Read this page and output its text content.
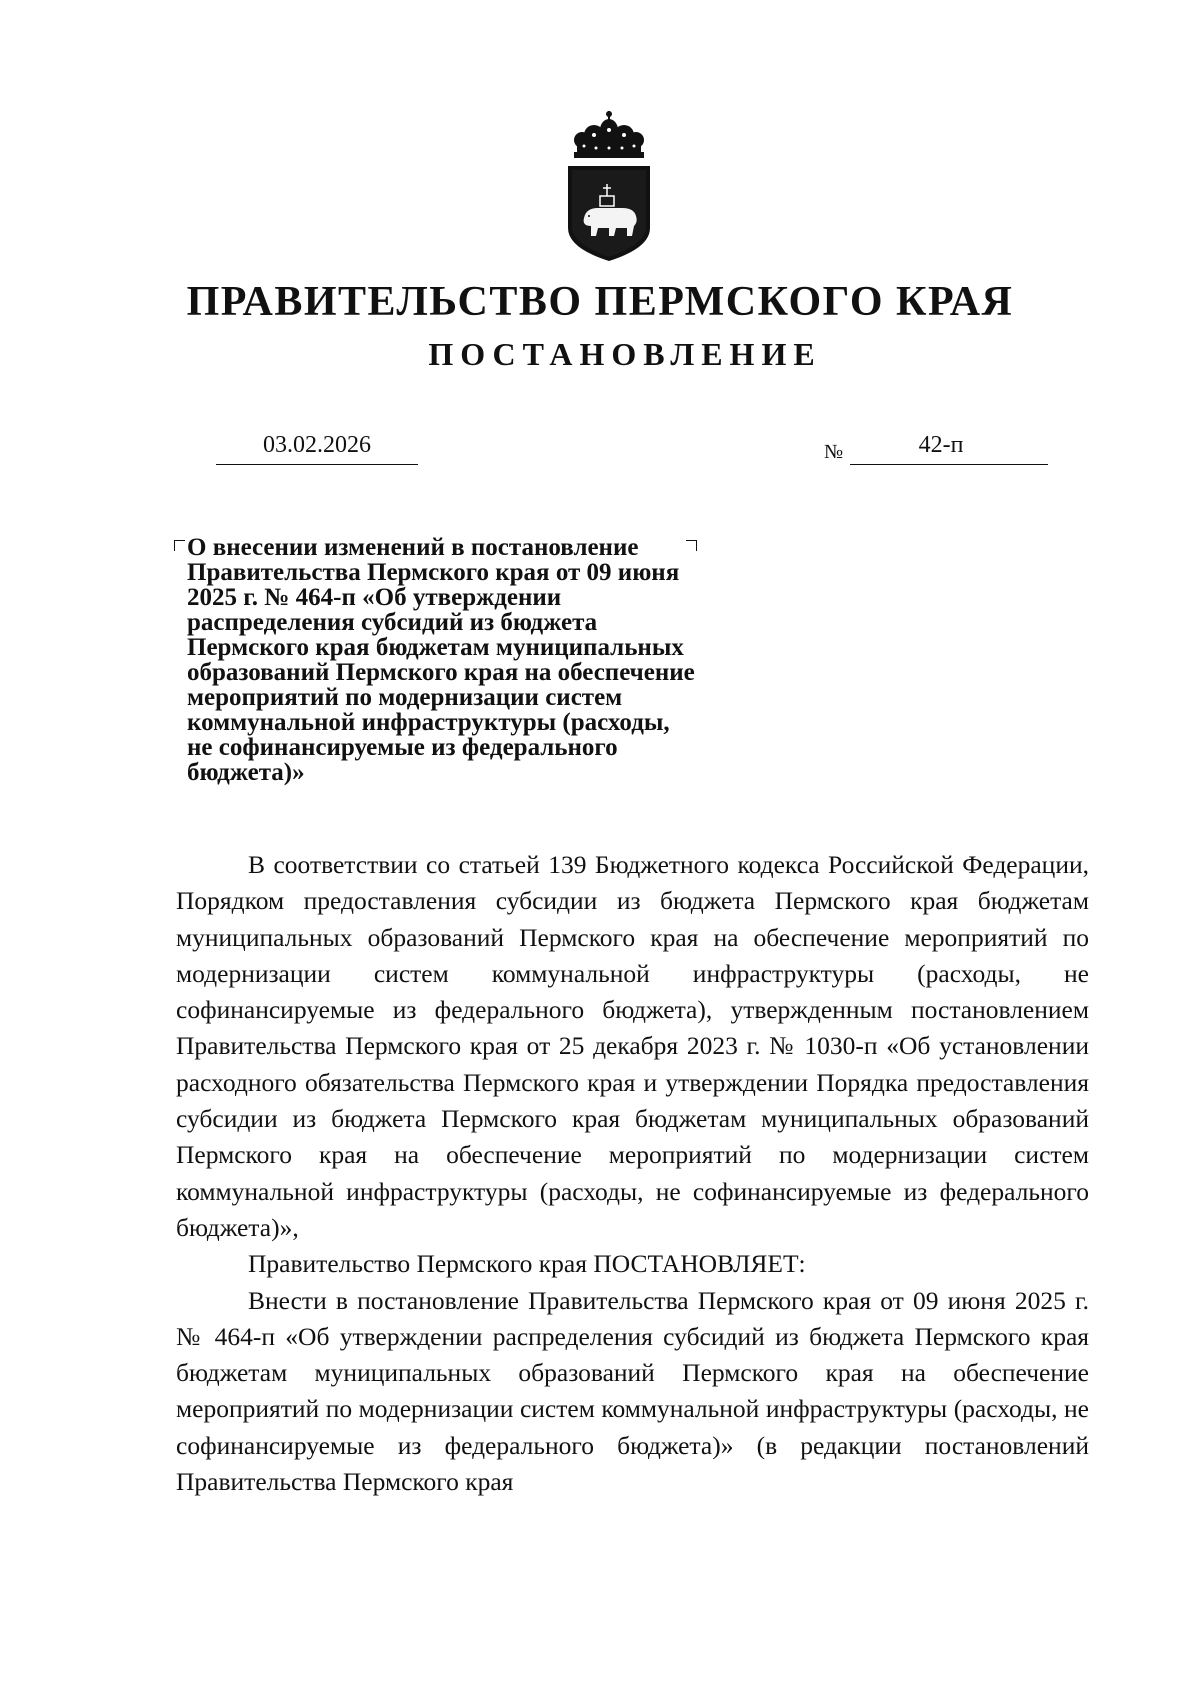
ПРАВИТЕЛЬСТВО ПЕРМСКОГО КРАЯ
ПОСТАНОВЛЕНИЕ
03.02.2026	№	42-п
О внесении изменений в постановление
Правительства Пермского края от 09 июня
2025 г. № 464-п «Об утверждении
распределения субсидий из бюджета
Пермского края бюджетам муниципальных
образований Пермского края на обеспечение
мероприятий по модернизации систем
коммунальной инфраструктуры (расходы,
не софинансируемые из федерального
бюджета)»

В соответствии со статьей 139 Бюджетного кодекса Российской Федерации, Порядком предоставления субсидии из бюджета Пермского края бюджетам муниципальных образований Пермского края на обеспечение мероприятий по модернизации систем коммунальной инфраструктуры (расходы, не софинансируемые из федерального бюджета), утвержденным постановлением Правительства Пермского края от 25 декабря 2023 г. № 1030-п «Об установлении расходного обязательства Пермского края и утверждении Порядка предоставления субсидии из бюджета Пермского края бюджетам муниципальных образований Пермского края на обеспечение мероприятий по модернизации систем коммунальной инфраструктуры (расходы, не софинансируемые из федерального бюджета)»,

Правительство Пермского края ПОСТАНОВЛЯЕТ:

Внести в постановление Правительства Пермского края от 09 июня 2025 г. № 464-п «Об утверждении распределения субсидий из бюджета Пермского края бюджетам муниципальных образований Пермского края на обеспечение мероприятий по модернизации систем коммунальной инфраструктуры (расходы, не софинансируемые из федерального бюджета)» (в редакции постановлений Правительства Пермского края
